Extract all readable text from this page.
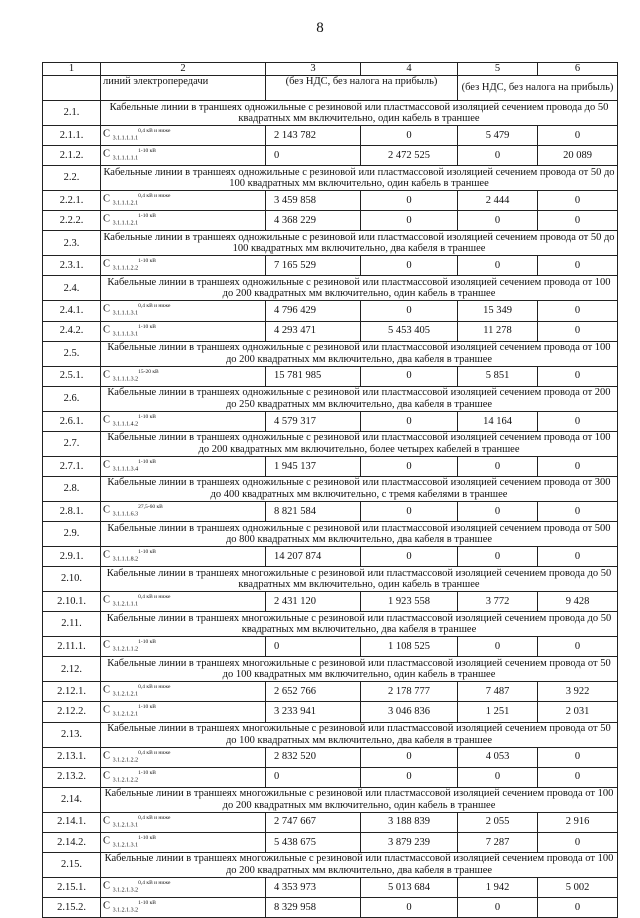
8
1	2	3	4	5	6
	линий электропередачи	(без НДС, без налога на прибыль)		(без НДС, без налога на прибыль)	
2.1.	Кабельные линии в траншеях одножильные с резиновой или пластмассовой изоляцией сечением провода до 50 квадратных мм включительно, один кабель в траншее				
2.1.1.	С $_{3.1.1.1.1.1}^{0,4 кВ и ниже}$	2 143 782	0	5 479	0
2.1.2.	С $_{3.1.1.1.1.1}^{1-10 кВ}$	0	2 472 525	0	20 089
2.2.	Кабельные линии в траншеях одножильные с резиновой или пластмассовой изоляцией сечением провода от 50 до 100 квадратных мм включительно, один кабель в траншее				
2.2.1.	С $_{3.1.1.1.2.1}^{0,4 кВ и ниже}$	3 459 858	0	2 444	0
2.2.2.	С $_{3.1.1.1.2.1}^{1-10 кВ}$	4 368 229	0	0	0
2.3.	Кабельные линии в траншеях одножильные с резиновой или пластмассовой изоляцией сечением провода от 50 до 100 квадратных мм включительно, два кабеля в траншее				
2.3.1.	С $_{3.1.1.1.2.2}^{1-10 кВ}$	7 165 529	0	0	0
2.4.	Кабельные линии в траншеях одножильные с резиновой или пластмассовой изоляцией сечением провода от 100 до 200 квадратных мм включительно, один кабель в траншее				
2.4.1.	С $_{3.1.1.1.3.1}^{0,4 кВ и ниже}$	4 796 429	0	15 349	0
2.4.2.	С $_{3.1.1.1.3.1}^{1-10 кВ}$	4 293 471	5 453 405	11 278	0
2.5.	Кабельные линии в траншеях одножильные с резиновой или пластмассовой изоляцией сечением провода от 100 до 200 квадратных мм включительно, два кабеля в траншее				
2.5.1.	С $_{3.1.1.1.3.2}^{15-20 кВ}$	15 781 985	0	5 851	0
2.6.	Кабельные линии в траншеях одножильные с резиновой или пластмассовой изоляцией сечением провода от 200 до 250 квадратных мм включительно, два кабеля в траншее				
2.6.1.	С $_{3.1.1.1.4.2}^{1-10 кВ}$	4 579 317	0	14 164	0
2.7.	Кабельные линии в траншеях одножильные с резиновой или пластмассовой изоляцией сечением провода от 100 до 200 квадратных мм включительно, более четырех кабелей в траншее				
2.7.1.	С $_{3.1.1.1.3.4}^{1-10 кВ}$	1 945 137	0	0	0
2.8.	Кабельные линии в траншеях одножильные с резиновой или пластмассовой изоляцией сечением провода от 300 до 400 квадратных мм включительно, с тремя кабелями в траншее				
2.8.1.	С $_{3.1.1.1.6.3}^{27,5-60 кВ}$	8 821 584	0	0	0
2.9.	Кабельные линии в траншеях одножильные с резиновой или пластмассовой изоляцией сечением провода от 500 до 800 квадратных мм включительно, два кабеля в траншее				
2.9.1.	С $_{3.1.1.1.8.2}^{1-10 кВ}$	14 207 874	0	0	0
2.10.	Кабельные линии в траншеях многожильные с резиновой или пластмассовой изоляцией сечением провода до 50 квадратных мм включительно, один кабель в траншее				
2.10.1.	С $_{3.1.2.1.1.1}^{0,4 кВ и ниже}$	2 431 120	1 923 558	3 772	9 428
2.11.	Кабельные линии в траншеях многожильные с резиновой или пластмассовой изоляцией сечением провода до 50 квадратных мм включительно, два кабеля в траншее				
2.11.1.	С $_{3.1.2.1.1.2}^{1-10 кВ}$	0	1 108 525	0	0
2.12.	Кабельные линии в траншеях многожильные с резиновой или пластмассовой изоляцией сечением провода от 50 до 100 квадратных мм включительно, один кабель в траншее				
2.12.1.	С $_{3.1.2.1.2.1}^{0,4 кВ и ниже}$	2 652 766	2 178 777	7 487	3 922
2.12.2.	С $_{3.1.2.1.2.1}^{1-10 кВ}$	3 233 941	3 046 836	1 251	2 031
2.13.	Кабельные линии в траншеях многожильные с резиновой или пластмассовой изоляцией сечением провода от 50 до 100 квадратных мм включительно, два кабеля в траншее				
2.13.1.	С $_{3.1.2.1.2.2}^{0,4 кВ и ниже}$	2 832 520	0	4 053	0
2.13.2.	С $_{3.1.2.1.2.2}^{1-10 кВ}$	0	0	0	0
2.14.	Кабельные линии в траншеях многожильные с резиновой или пластмассовой изоляцией сечением провода от 100 до 200 квадратных мм включительно, один кабель в траншее				
2.14.1.	С $_{3.1.2.1.3.1}^{0,4 кВ и ниже}$	2 747 667	3 188 839	2 055	2 916
2.14.2.	С $_{3.1.2.1.3.1}^{1-10 кВ}$	5 438 675	3 879 239	7 287	0
2.15.	Кабельные линии в траншеях многожильные с резиновой или пластмассовой изоляцией сечением провода от 100 до 200 квадратных мм включительно, два кабеля в траншее				
2.15.1.	С $_{3.1.2.1.3.2}^{0,4 кВ и ниже}$	4 353 973	5 013 684	1 942	5 002
2.15.2.	С $_{3.1.2.1.3.2}^{1-10 кВ}$	8 329 958	0	0	0
